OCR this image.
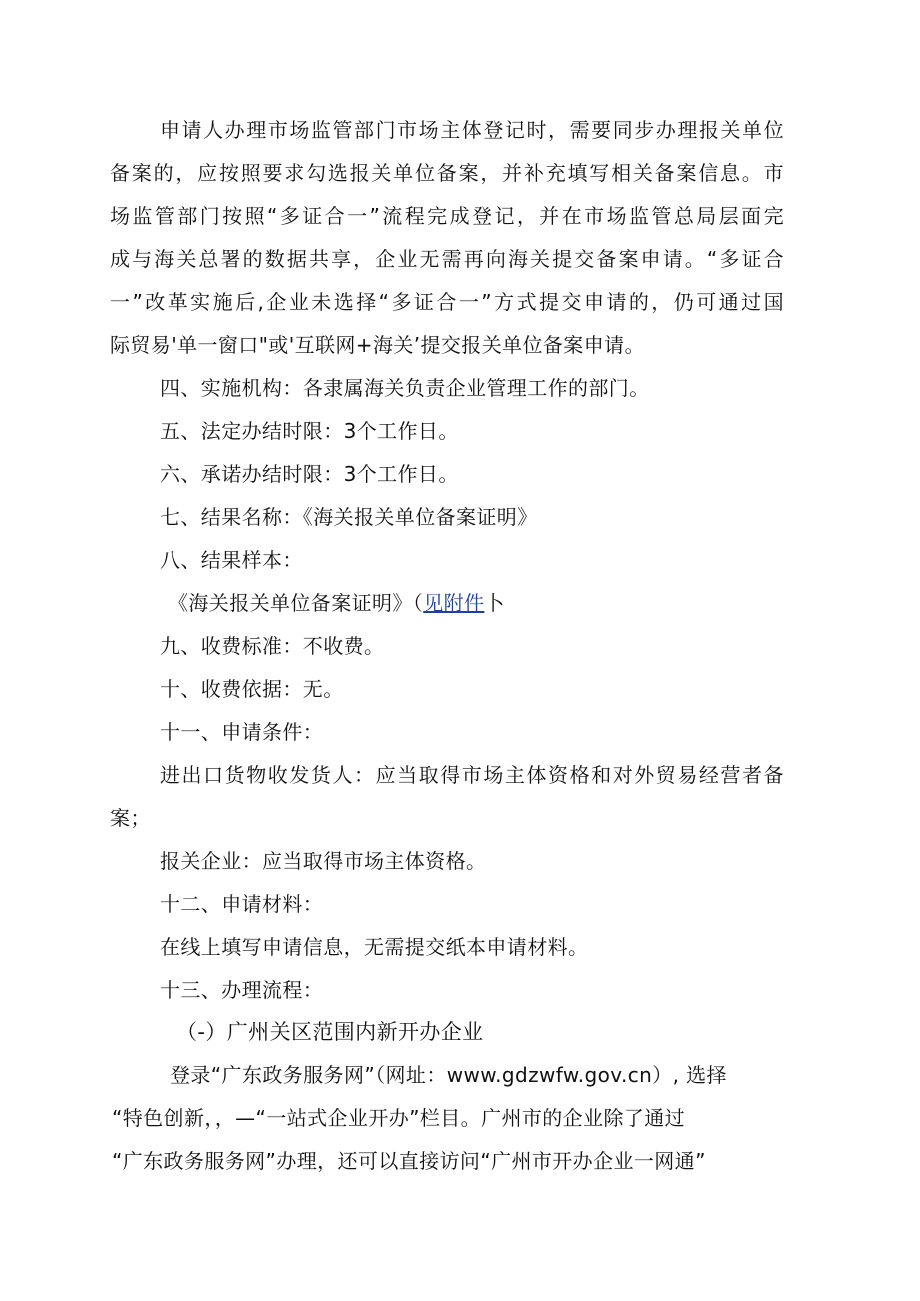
申请人办理市场监管部门市场主体登记时，需要同步办理报关单位
备案的，应按照要求勾选报关单位备案，并补充填写相关备案信息。市
场监管部门按照“多证合一”流程完成登记，并在市场监管总局层面完
成与海关总署的数据共享，企业无需再向海关提交备案申请。“多证合
一”改革实施后,企业未选择“多证合一”方式提交申请的，仍可通过国
际贸易'单一窗口"或'互联网+海关’提交报关单位备案申请。
四、实施机构：各隶属海关负责企业管理工作的部门。
五、法定办结时限：3个工作日。
六、承诺办结时限：3个工作日。
七、结果名称：《海关报关单位备案证明》
八、结果样本：
《海关报关单位备案证明》（见附件卜
九、收费标准：不收费。
十、收费依据：无。
十一、申请条件：
进出口货物收发货人：应当取得市场主体资格和对外贸易经营者备
案；
报关企业：应当取得市场主体资格。
十二、申请材料：
在线上填写申请信息，无需提交纸本申请材料。
十三、办理流程：
（-）广州关区范围内新开办企业
登录“广东政务服务网”（网址：www.gdzwfw.gov.cn）, 选择
“特色创新，，—“一站式企业开办”栏目。广州市的企业除了通过
“广东政务服务网”办理，还可以直接访问“广州市开办企业一网通”
